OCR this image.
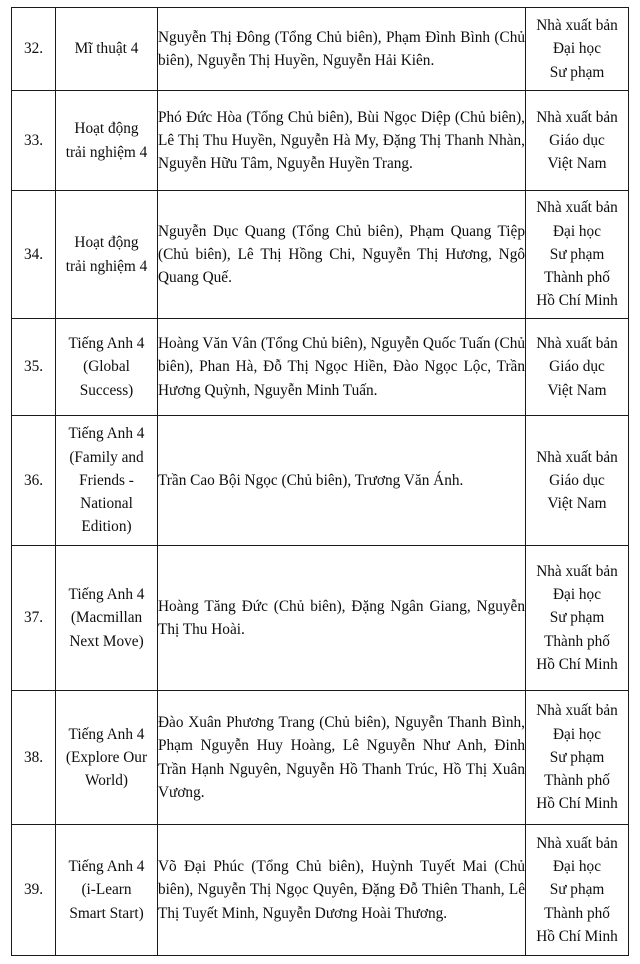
32.	Mĩ thuật 4	Nguyễn Thị Đông (Tổng Chủ biên), Phạm Đình Bình (Chủ biên), Nguyễn Thị Huyền, Nguyễn Hải Kiên.	Nhà xuất bản
Đại học
Sư phạm

33.	Hoạt động
trải nghiệm 4	Phó Đức Hòa (Tổng Chủ biên), Bùi Ngọc Diệp (Chủ biên), Lê Thị Thu Huyền, Nguyễn Hà My, Đặng Thị Thanh Nhàn, Nguyễn Hữu Tâm, Nguyễn Huyền Trang.	Nhà xuất bản
Giáo dục
Việt Nam

34.	Hoạt động
trải nghiệm 4	Nguyễn Dục Quang (Tổng Chủ biên), Phạm Quang Tiệp (Chủ biên), Lê Thị Hồng Chi, Nguyễn Thị Hương, Ngô Quang Quế.	Nhà xuất bản
Đại học
Sư phạm
Thành phố
Hồ Chí Minh

35.	Tiếng Anh 4
(Global
Success)	Hoàng Văn Vân (Tổng Chủ biên), Nguyễn Quốc Tuấn (Chủ biên), Phan Hà, Đỗ Thị Ngọc Hiền, Đào Ngọc Lộc, Trần Hương Quỳnh, Nguyễn Minh Tuấn.	Nhà xuất bản
Giáo dục
Việt Nam

36.	Tiếng Anh 4
(Family and
Friends -
National
Edition)	Trần Cao Bội Ngọc (Chủ biên), Trương Văn Ánh.	Nhà xuất bản
Giáo dục
Việt Nam

37.	Tiếng Anh 4
(Macmillan
Next Move)	Hoàng Tăng Đức (Chủ biên), Đặng Ngân Giang, Nguyễn Thị Thu Hoài.	Nhà xuất bản
Đại học
Sư phạm
Thành phố
Hồ Chí Minh

38.	Tiếng Anh 4
(Explore Our
World)	Đào Xuân Phương Trang (Chủ biên), Nguyễn Thanh Bình, Phạm Nguyễn Huy Hoàng, Lê Nguyễn Như Anh, Đinh Trần Hạnh Nguyên, Nguyễn Hồ Thanh Trúc, Hồ Thị Xuân Vương.	Nhà xuất bản
Đại học
Sư phạm
Thành phố
Hồ Chí Minh

39.	Tiếng Anh 4
(i-Learn
Smart Start)	Võ Đại Phúc (Tổng Chủ biên), Huỳnh Tuyết Mai (Chủ biên), Nguyễn Thị Ngọc Quyên, Đặng Đỗ Thiên Thanh, Lê Thị Tuyết Minh, Nguyễn Dương Hoài Thương.	Nhà xuất bản
Đại học
Sư phạm
Thành phố
Hồ Chí Minh
